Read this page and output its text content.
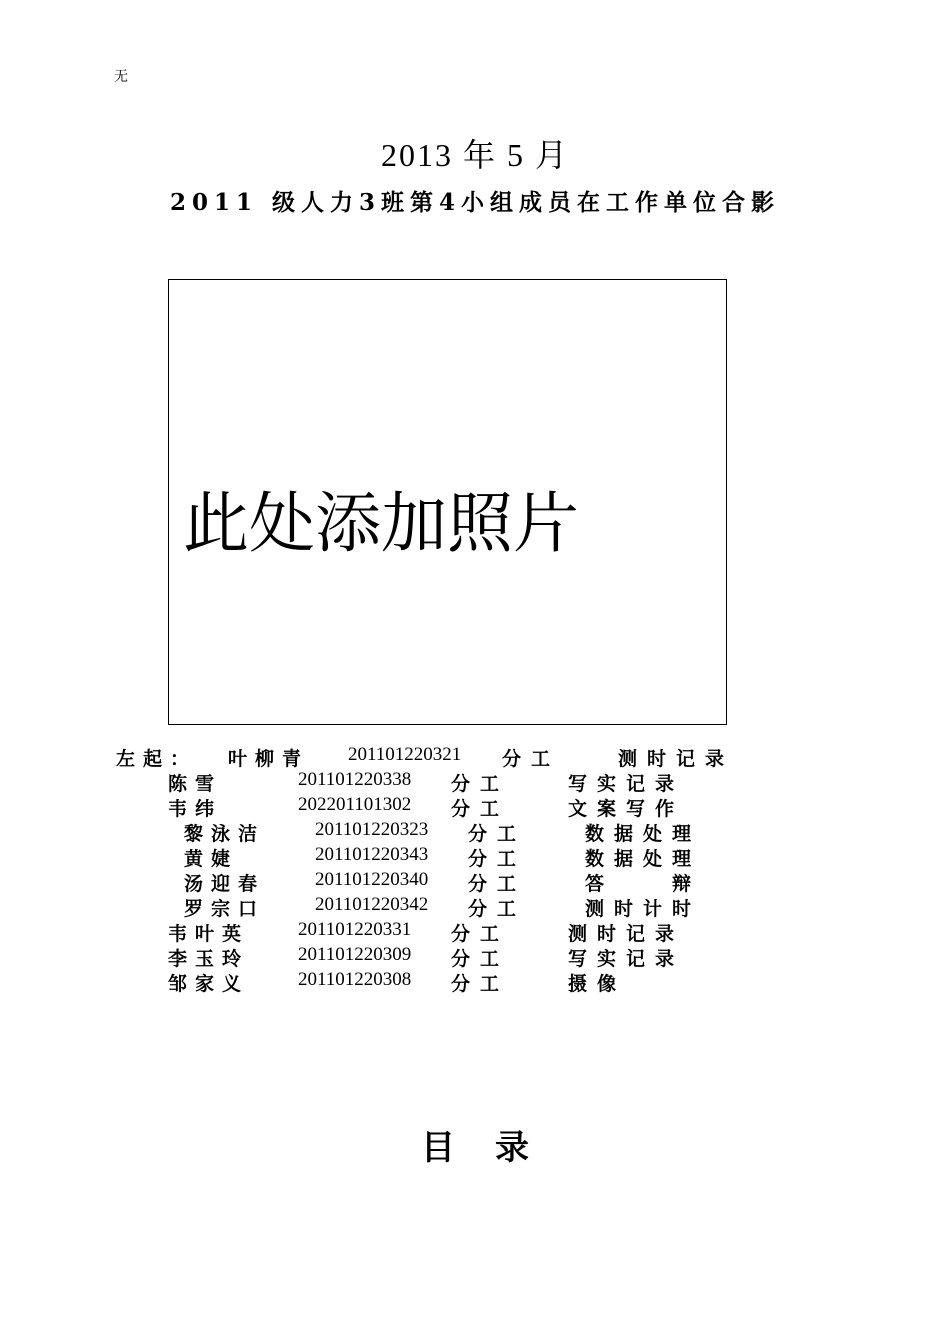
无
2013 年 5 月
2011 级人力3班第4小组成员在工作单位合影
此处添加照片
左起： 叶柳青 201101220321 分工	测时记录
陈雪	201101220338 分工	写实记录
韦纬	202201101302 分工	文案写作
黎泳洁	201101220323 分工	数据处理
黄婕	201101220343 分工	数据处理
汤迎春	201101220340 分工	答　　辩
罗宗口	201101220342 分工	测时计时
韦叶英	201101220331 分工	测时记录
李玉玲	201101220309 分工	写实记录
邹家义	201101220308 分工	摄像
目录
